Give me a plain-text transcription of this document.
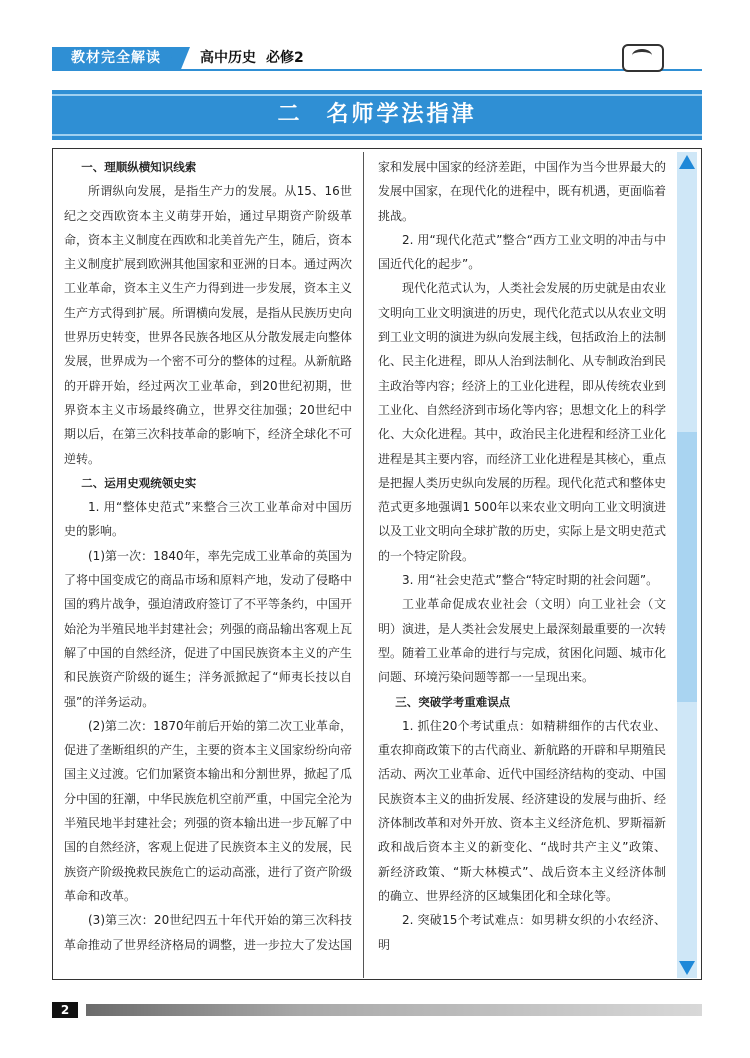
教材完全解读	高中历史 必修2
二 名师学法指津

一、理顺纵横知识线索

所谓纵向发展，是指生产力的发展。从15、16世纪之交西欧资本主义萌芽开始，通过早期资产阶级革命，资本主义制度在西欧和北美首先产生，随后，资本主义制度扩展到欧洲其他国家和亚洲的日本。通过两次工业革命，资本主义生产力得到进一步发展，资本主义生产方式得到扩展。所谓横向发展，是指从民族历史向世界历史转变，世界各民族各地区从分散发展走向整体发展，世界成为一个密不可分的整体的过程。从新航路的开辟开始，经过两次工业革命，到20世纪初期，世界资本主义市场最终确立，世界交往加强；20世纪中期以后，在第三次科技革命的影响下，经济全球化不可逆转。

二、运用史观统领史实

1. 用“整体史范式”来整合三次工业革命对中国历史的影响。

(1)第一次：1840年，率先完成工业革命的英国为了将中国变成它的商品市场和原料产地，发动了侵略中国的鸦片战争，强迫清政府签订了不平等条约，中国开始沦为半殖民地半封建社会；列强的商品输出客观上瓦解了中国的自然经济，促进了中国民族资本主义的产生和民族资产阶级的诞生；洋务派掀起了“师夷长技以自强”的洋务运动。

(2)第二次：1870年前后开始的第二次工业革命，促进了垄断组织的产生，主要的资本主义国家纷纷向帝国主义过渡。它们加紧资本输出和分割世界，掀起了瓜分中国的狂潮，中华民族危机空前严重，中国完全沦为半殖民地半封建社会；列强的资本输出进一步瓦解了中国的自然经济，客观上促进了民族资本主义的发展，民族资产阶级挽救民族危亡的运动高涨，进行了资产阶级革命和改革。

(3)第三次：20世纪四五十年代开始的第三次科技革命推动了世界经济格局的调整，进一步拉大了发达国

家和发展中国家的经济差距，中国作为当今世界最大的发展中国家，在现代化的进程中，既有机遇，更面临着挑战。

2. 用“现代化范式”整合“西方工业文明的冲击与中国近代化的起步”。

现代化范式认为，人类社会发展的历史就是由农业文明向工业文明演进的历史，现代化范式以从农业文明到工业文明的演进为纵向发展主线，包括政治上的法制化、民主化进程，即从人治到法制化、从专制政治到民主政治等内容；经济上的工业化进程，即从传统农业到工业化、自然经济到市场化等内容；思想文化上的科学化、大众化进程。其中，政治民主化进程和经济工业化进程是其主要内容，而经济工业化进程是其核心，重点是把握人类历史纵向发展的历程。现代化范式和整体史范式更多地强调1 500年以来农业文明向工业文明演进以及工业文明向全球扩散的历史，实际上是文明史范式的一个特定阶段。

3. 用“社会史范式”整合“特定时期的社会问题”。

工业革命促成农业社会（文明）向工业社会（文明）演进，是人类社会发展史上最深刻最重要的一次转型。随着工业革命的进行与完成，贫困化问题、城市化问题、环境污染问题等都一一呈现出来。

三、突破学考重难误点

1. 抓住20个考试重点：如精耕细作的古代农业、重农抑商政策下的古代商业、新航路的开辟和早期殖民活动、两次工业革命、近代中国经济结构的变动、中国民族资本主义的曲折发展、经济建设的发展与曲折、经济体制改革和对外开放、资本主义经济危机、罗斯福新政和战后资本主义的新变化、“战时共产主义”政策、新经济政策、“斯大林模式”、战后资本主义经济体制的确立、世界经济的区域集团化和全球化等。

2. 突破15个考试难点：如男耕女织的小农经济、明

2
